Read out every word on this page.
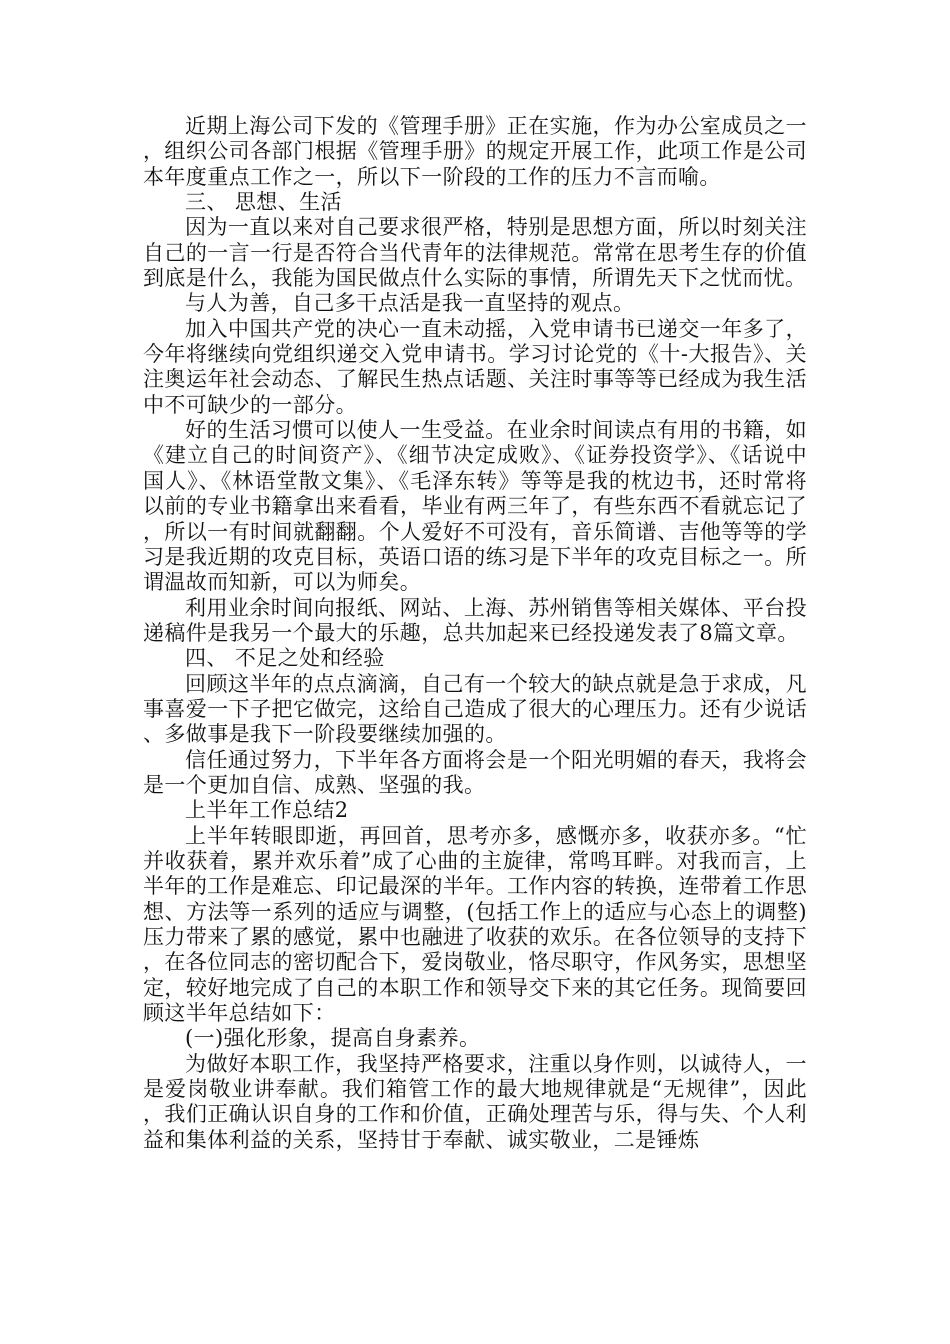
近期上海公司下发的《管理手册》正在实施，作为办公室成员之一，组织公司各部门根据《管理手册》的规定开展工作，此项工作是公司本年度重点工作之一，所以下一阶段的工作的压力不言而喻。

三、 思想、生活

因为一直以来对自己要求很严格，特别是思想方面，所以时刻关注自己的一言一行是否符合当代青年的法律规范。常常在思考生存的价值到底是什么，我能为国民做点什么实际的事情，所谓先天下之忧而忧。

与人为善，自己多干点活是我一直坚持的观点。

加入中国共产党的决心一直未动摇，入党申请书已递交一年多了，今年将继续向党组织递交入党申请书。学习讨论党的《十-大报告》、关注奥运年社会动态、了解民生热点话题、关注时事等等已经成为我生活中不可缺少的一部分。

好的生活习惯可以使人一生受益。在业余时间读点有用的书籍，如《建立自己的时间资产》、《细节决定成败》、《证券投资学》、《话说中国人》、《林语堂散文集》、《毛泽东转》等等是我的枕边书，还时常将以前的专业书籍拿出来看看，毕业有两三年了，有些东西不看就忘记了，所以一有时间就翻翻。个人爱好不可没有，音乐简谱、吉他等等的学习是我近期的攻克目标，英语口语的练习是下半年的攻克目标之一。所谓温故而知新，可以为师矣。

利用业余时间向报纸、网站、上海、苏州销售等相关媒体、平台投递稿件是我另一个最大的乐趣，总共加起来已经投递发表了8篇文章。

四、 不足之处和经验

回顾这半年的点点滴滴，自己有一个较大的缺点就是急于求成，凡事喜爱一下子把它做完，这给自己造成了很大的心理压力。还有少说话、多做事是我下一阶段要继续加强的。

信任通过努力，下半年各方面将会是一个阳光明媚的春天，我将会是一个更加自信、成熟、坚强的我。

上半年工作总结2

上半年转眼即逝，再回首，思考亦多，感慨亦多，收获亦多。“忙并收获着，累并欢乐着”成了心曲的主旋律，常鸣耳畔。对我而言，上半年的工作是难忘、印记最深的半年。工作内容的转换，连带着工作思想、方法等一系列的适应与调整，(包括工作上的适应与心态上的调整)压力带来了累的感觉，累中也融进了收获的欢乐。在各位领导的支持下，在各位同志的密切配合下，爱岗敬业，恪尽职守，作风务实，思想坚定，较好地完成了自己的本职工作和领导交下来的其它任务。现简要回顾这半年总结如下：

(一)强化形象，提高自身素养。

为做好本职工作，我坚持严格要求，注重以身作则，以诚待人，一是爱岗敬业讲奉献。我们箱管工作的最大地规律就是“无规律”，因此，我们正确认识自身的工作和价值，正确处理苦与乐，得与失、个人利益和集体利益的关系，坚持甘于奉献、诚实敬业，二是锤炼
